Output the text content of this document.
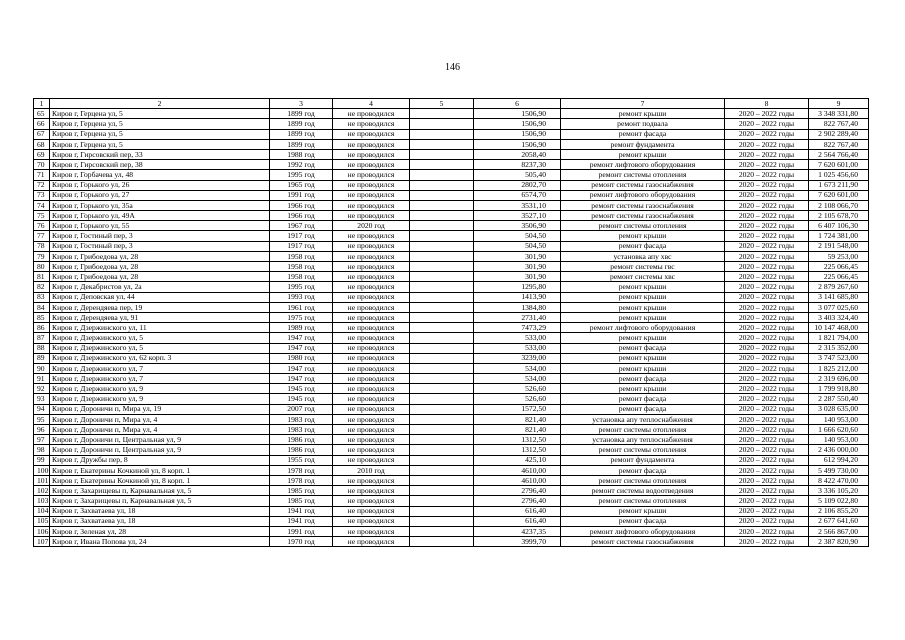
146
1	2	3	4	5	6	7	8	9
65	Киров г, Герцена ул, 5	1899 год	не проводился		1506,90	ремонт крыши	2020 – 2022 годы	3 348 331,80
66	Киров г, Герцена ул, 5	1899 год	не проводился		1506,90	ремонт подвала	2020 – 2022 годы	822 767,40
67	Киров г, Герцена ул, 5	1899 год	не проводился		1506,90	ремонт фасада	2020 – 2022 годы	2 902 289,40
68	Киров г, Герцена ул, 5	1899 год	не проводился		1506,90	ремонт фундамента	2020 – 2022 годы	822 767,40
69	Киров г, Гирсовский пер, 33	1988 год	не проводился		2058,40	ремонт крыши	2020 – 2022 годы	2 564 766,40
70	Киров г, Гирсовский пер, 38	1992 год	не проводился		8237,30	ремонт лифтового оборудования	2020 – 2022 годы	7 620 601,00
71	Киров г, Горбачева ул, 48	1995 год	не проводился		505,40	ремонт системы отопления	2020 – 2022 годы	1 025 456,60
72	Киров г, Горького ул, 26	1965 год	не проводился		2802,70	ремонт системы газоснабжения	2020 – 2022 годы	1 673 211,90
73	Киров г, Горького ул, 27	1991 год	не проводился		6574,70	ремонт лифтового оборудования	2020 – 2022 годы	7 620 601,00
74	Киров г, Горького ул, 35а	1966 год	не проводился		3531,10	ремонт системы газоснабжения	2020 – 2022 годы	2 108 066,70
75	Киров г, Горького ул, 49А	1966 год	не проводился		3527,10	ремонт системы газоснабжения	2020 – 2022 годы	2 105 678,70
76	Киров г, Горького ул, 55	1967 год	2020 год		3506,90	ремонт системы отопления	2020 – 2022 годы	6 407 106,30
77	Киров г, Гостиный пер, 3	1917 год	не проводился		504,50	ремонт крыши	2020 – 2022 годы	1 724 381,00
78	Киров г, Гостиный пер, 3	1917 год	не проводился		504,50	ремонт фасада	2020 – 2022 годы	2 191 548,00
79	Киров г, Грибоедова ул, 28	1958 год	не проводился		301,90	установка апу хвс	2020 – 2022 годы	59 253,00
80	Киров г, Грибоедова ул, 28	1958 год	не проводился		301,90	ремонт системы гвс	2020 – 2022 годы	225 066,45
81	Киров г, Грибоедова ул, 28	1958 год	не проводился		301,90	ремонт системы хвс	2020 – 2022 годы	225 066,45
82	Киров г, Декабристов ул, 2а	1995 год	не проводился		1295,80	ремонт крыши	2020 – 2022 годы	2 879 267,60
83	Киров г, Деповская ул, 44	1993 год	не проводился		1413,90	ремонт крыши	2020 – 2022 годы	3 141 685,80
84	Киров г, Дерендяева пер, 19	1961 год	не проводился		1384,80	ремонт крыши	2020 – 2022 годы	3 077 025,60
85	Киров г, Дерендяева ул, 91	1975 год	не проводился		2731,40	ремонт крыши	2020 – 2022 годы	3 403 324,40
86	Киров г, Дзержинского ул, 11	1989 год	не проводился		7473,29	ремонт лифтового оборудования	2020 – 2022 годы	10 147 468,00
87	Киров г, Дзержинского ул, 5	1947 год	не проводился		533,00	ремонт крыши	2020 – 2022 годы	1 821 794,00
88	Киров г, Дзержинского ул, 5	1947 год	не проводился		533,00	ремонт фасада	2020 – 2022 годы	2 315 352,00
89	Киров г, Дзержинского ул, 62 корп. 3	1980 год	не проводился		3239,00	ремонт крыши	2020 – 2022 годы	3 747 523,00
90	Киров г, Дзержинского ул, 7	1947 год	не проводился		534,00	ремонт крыши	2020 – 2022 годы	1 825 212,00
91	Киров г, Дзержинского ул, 7	1947 год	не проводился		534,00	ремонт фасада	2020 – 2022 годы	2 319 696,00
92	Киров г, Дзержинского ул, 9	1945 год	не проводился		526,60	ремонт крыши	2020 – 2022 годы	1 799 918,80
93	Киров г, Дзержинского ул, 9	1945 год	не проводился		526,60	ремонт фасада	2020 – 2022 годы	2 287 550,40
94	Киров г, Дороничи п, Мира ул, 19	2007 год	не проводился		1572,50	ремонт фасада	2020 – 2022 годы	3 028 635,00
95	Киров г, Дороничи п, Мира ул, 4	1983 год	не проводился		821,40	установка апу теплоснабжения	2020 – 2022 годы	140 953,00
96	Киров г, Дороничи п, Мира ул, 4	1983 год	не проводился		821,40	ремонт системы отопления	2020 – 2022 годы	1 666 620,60
97	Киров г, Дороничи п, Центральная ул, 9	1986 год	не проводился		1312,50	установка апу теплоснабжения	2020 – 2022 годы	140 953,00
98	Киров г, Дороничи п, Центральная ул, 9	1986 год	не проводился		1312,50	ремонт системы отопления	2020 – 2022 годы	2 436 000,00
99	Киров г, Дружбы пер, 8	1955 год	не проводился		425,10	ремонт фундамента	2020 – 2022 годы	612 994,20
100	Киров г, Екатерины Кочкиной ул, 8 корп. 1	1978 год	2010 год		4610,00	ремонт фасада	2020 – 2022 годы	5 499 730,00
101	Киров г, Екатерины Кочкиной ул, 8 корп. 1	1978 год	не проводился		4610,00	ремонт системы отопления	2020 – 2022 годы	8 422 470,00
102	Киров г, Захарищевы п, Карнавальная ул, 5	1985 год	не проводился		2796,40	ремонт системы водоотведения	2020 – 2022 годы	3 336 105,20
103	Киров г, Захарищевы п, Карнавальная ул, 5	1985 год	не проводился		2796,40	ремонт системы отопления	2020 – 2022 годы	5 109 022,80
104	Киров г, Захватаева ул, 18	1941 год	не проводился		616,40	ремонт крыши	2020 – 2022 годы	2 106 855,20
105	Киров г, Захватаева ул, 18	1941 год	не проводился		616,40	ремонт фасада	2020 – 2022 годы	2 677 641,60
106	Киров г, Зеленая ул, 28	1991 год	не проводился		4237,35	ремонт лифтового оборудования	2020 – 2022 годы	2 566 867,00
107	Киров г, Ивана Попова ул, 24	1970 год	не проводился		3999,70	ремонт системы газоснабжения	2020 – 2022 годы	2 387 820,90
